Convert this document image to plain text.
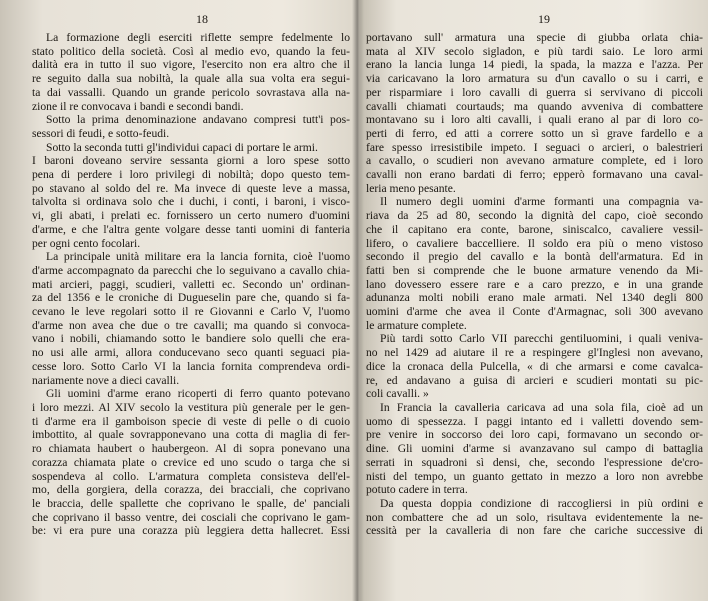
18
La formazione degli eserciti riflette sempre fedelmente lo
stato politico della società. Così al medio evo, quando la feu-
dalità era in tutto il suo vigore, l'esercito non era altro che il
re seguito dalla sua nobiltà, la quale alla sua volta era segui-
ta dai vassalli. Quando un grande pericolo sovrastava alla na-
zione il re convocava i bandi e secondi bandi.
Sotto la prima denominazione andavano compresi tutt'i pos-
sessori di feudi, e sotto-feudi.
Sotto la seconda tutti gl'individui capaci di portare le armi.
I baroni doveano servire sessanta giorni a loro spese sotto
pena di perdere i loro privilegi di nobiltà; dopo questo tem-
po stavano al soldo del re. Ma invece di queste leve a massa,
talvolta si ordinava solo che i duchi, i conti, i baroni, i visco-
vi, gli abati, i prelati ec. fornissero un certo numero d'uomini
d'arme, e che l'altra gente volgare desse tanti uomini di fanteria
per ogni cento focolari.
La principale unità militare era la lancia fornita, cioè l'uomo
d'arme accompagnato da parecchi che lo seguivano a cavallo chia-
mati arcieri, paggi, scudieri, valletti ec. Secondo un' ordinan-
za del 1356 e le croniche di Dugueselin pare che, quando si fa-
cevano le leve regolari sotto il re Giovanni e Carlo V, l'uomo
d'arme non avea che due o tre cavalli; ma quando si convoca-
vano i nobili, chiamando sotto le bandiere solo quelli che era-
no usi alle armi, allora conducevano seco quanti seguaci pia-
cesse loro. Sotto Carlo VI la lancia fornita comprendeva ordi-
nariamente nove a dieci cavalli.
Gli uomini d'arme erano ricoperti di ferro quanto potevano
i loro mezzi. Al XIV secolo la vestitura più generale per le gen-
ti d'arme era il gamboison specie di veste di pelle o di cuoio
imbottito, al quale sovrapponevano una cotta di maglia di fer-
ro chiamata haubert o haubergeon. Al di sopra ponevano una
corazza chiamata plate o crevice ed uno scudo o targa che si
sospendeva al collo. L'armatura completa consisteva dell'el-
mo, della gorgiera, della corazza, dei bracciali, che coprivano
le braccia, delle spallette che coprivano le spalle, de' panciali
che coprivano il basso ventre, dei cosciali che coprivano le gam-
be: vi era pure una corazza più leggiera detta hallecret. Essi
19
portavano sull' armatura una specie di giubba orlata chia-
mata al XIV secolo sigladon, e più tardi saio. Le loro armi
erano la lancia lunga 14 piedi, la spada, la mazza e l'azza. Per
via caricavano la loro armatura su d'un cavallo o su i carri, e
per risparmiare i loro cavalli di guerra si servivano di piccoli
cavalli chiamati courtauds; ma quando avveniva di combattere
montavano su i loro alti cavalli, i quali erano al par di loro co-
perti di ferro, ed atti a correre sotto un sì grave fardello e a
fare spesso irresistibile impeto. I seguaci o arcieri, o balestrieri
a cavallo, o scudieri non avevano armature complete, ed i loro
cavalli non erano bardati di ferro; epperò formavano una caval-
leria meno pesante.
Il numero degli uomini d'arme formanti una compagnia va-
riava da 25 ad 80, secondo la dignità del capo, cioè secondo
che il capitano era conte, barone, siniscalco, cavaliere vessil-
lifero, o cavaliere baccelliere. Il soldo era più o meno vistoso
secondo il pregio del cavallo e la bontà dell'armatura. Ed in
fatti ben si comprende che le buone armature venendo da Mi-
lano dovessero essere rare e a caro prezzo, e in una grande
adunanza molti nobili erano male armati. Nel 1340 degli 800
uomini d'arme che avea il Conte d'Armagnac, soli 300 avevano
le armature complete.
Più tardi sotto Carlo VII parecchi gentiluomini, i quali veniva-
no nel 1429 ad aiutare il re a respingere gl'Inglesi non avevano,
dice la cronaca della Pulcella, « di che armarsi e come cavalca-
re, ed andavano a guisa di arcieri e scudieri montati su pic-
coli cavalli. »
In Francia la cavalleria caricava ad una sola fila, cioè ad un
uomo di spessezza. I paggi intanto ed i valletti dovendo sem-
pre venire in soccorso dei loro capi, formavano un secondo or-
dine. Gli uomini d'arme si avanzavano sul campo di battaglia
serrati in squadroni sì densi, che, secondo l'espressione de'cro-
nisti del tempo, un guanto gettato in mezzo a loro non avrebbe
potuto cadere in terra.
Da questa doppia condizione di raccogliersi in più ordini e
non combattere che ad un solo, risultava evidentemente la ne-
cessità per la cavalleria di non fare che cariche successive di
